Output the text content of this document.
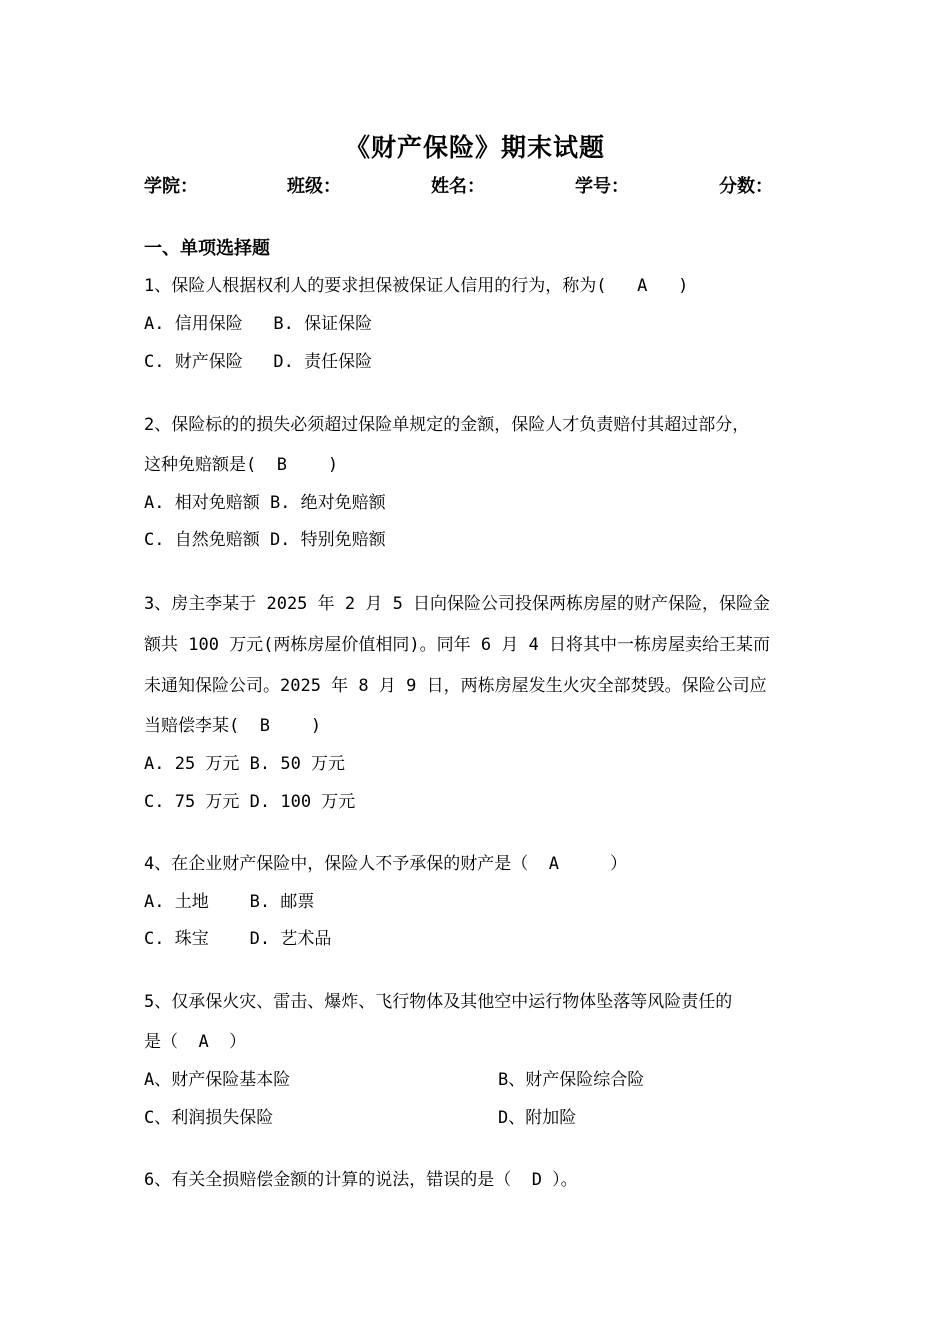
《财产保险》期末试题
学院：	班级：	姓名：	学号：	分数：
一、单项选择题
1、保险人根据权利人的要求担保被保证人信用的行为，称为(   A   )
A. 信用保险   B. 保证保险
C. 财产保险   D. 责任保险
2、保险标的的损失必须超过保险单规定的金额，保险人才负责赔付其超过部分，
这种免赔额是(  B    )
A. 相对免赔额 B. 绝对免赔额
C. 自然免赔额 D. 特别免赔额
3、房主李某于 2025 年 2 月 5 日向保险公司投保两栋房屋的财产保险，保险金
额共 100 万元(两栋房屋价值相同)。同年 6 月 4 日将其中一栋房屋卖给王某而
未通知保险公司。2025 年 8 月 9 日，两栋房屋发生火灾全部焚毁。保险公司应
当赔偿李某(  B    )
A. 25 万元 B. 50 万元
C. 75 万元 D. 100 万元
4、在企业财产保险中，保险人不予承保的财产是（  A     ）
A. 土地    B. 邮票
C. 珠宝    D. 艺术品
5、仅承保火灾、雷击、爆炸、飞行物体及其他空中运行物体坠落等风险责任的
是（  A  ）
A、财产保险基本险	B、财产保险综合险
C、利润损失保险	D、附加险
6、有关全损赔偿金额的计算的说法，错误的是（  D ）。
